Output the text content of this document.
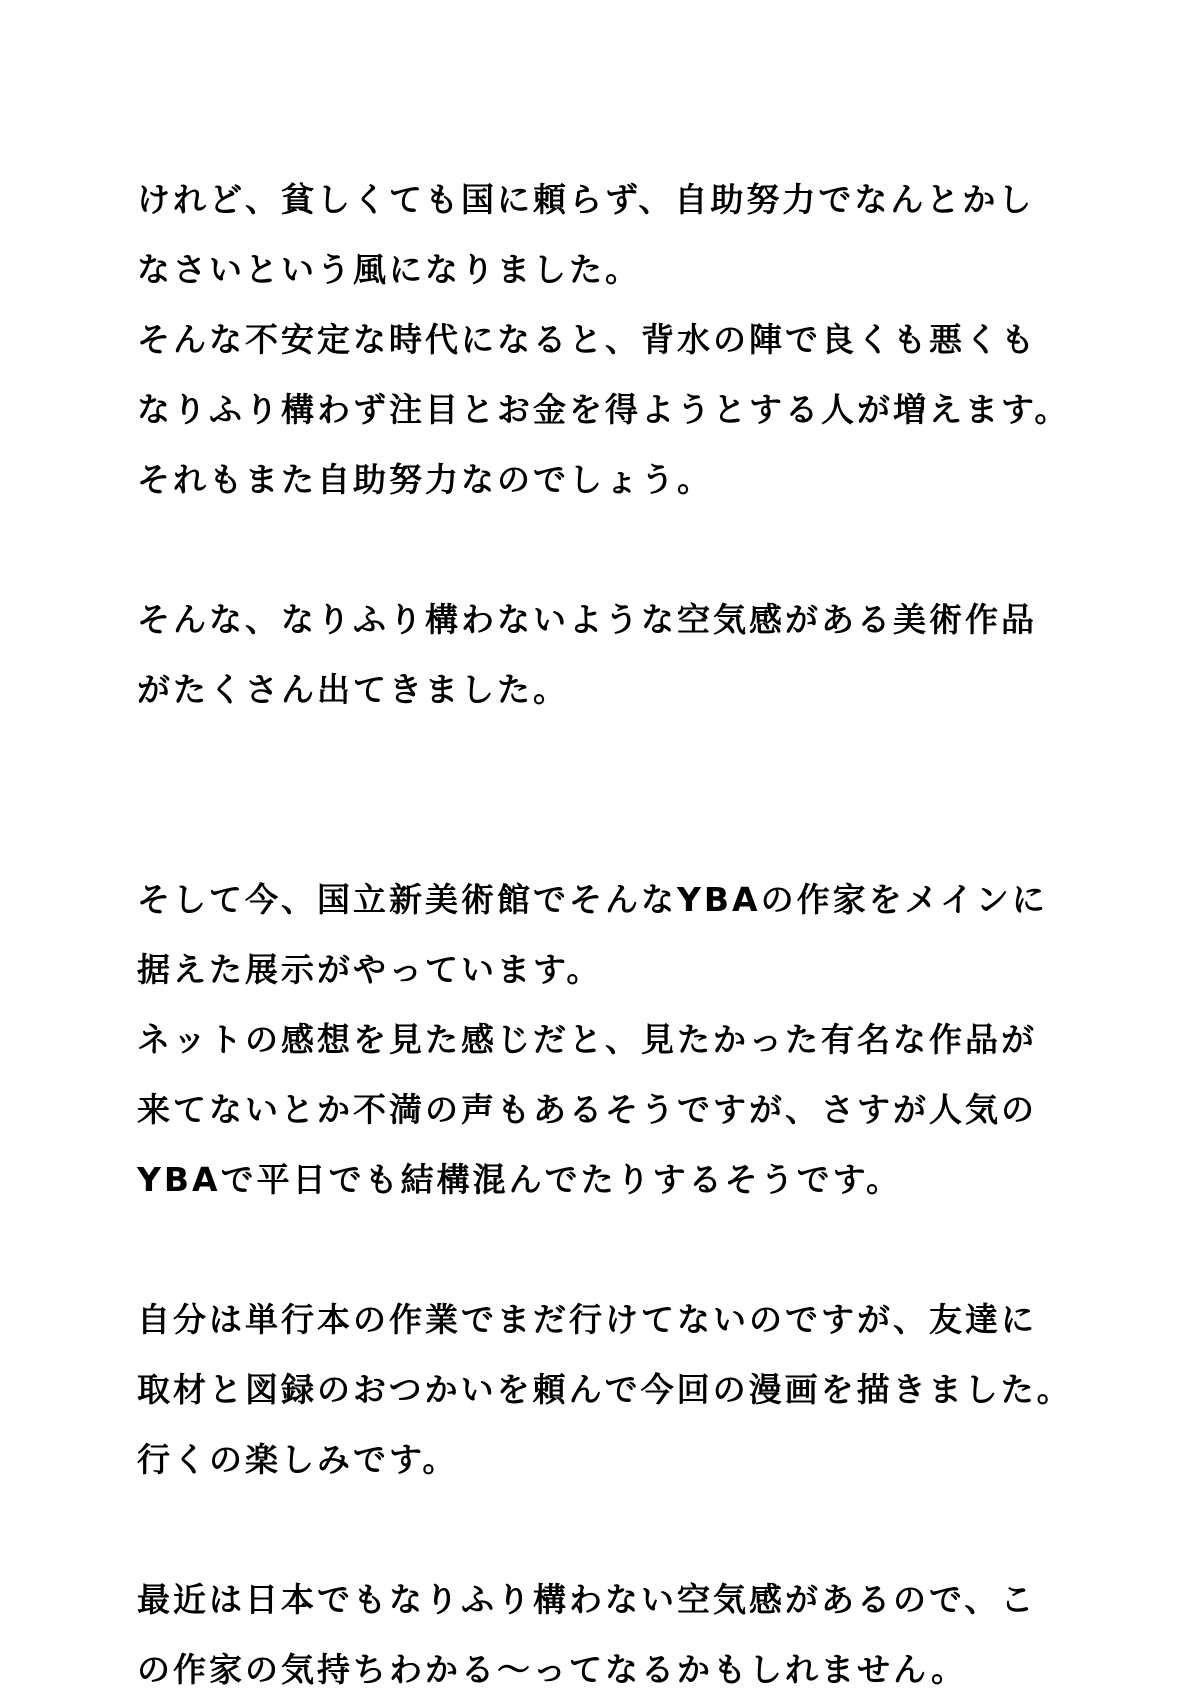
けれど、貧しくても国に頼らず、自助努力でなんとかし
なさいという風になりました。
そんな不安定な時代になると、背水の陣で良くも悪くも
なりふり構わず注目とお金を得ようとする人が増えます。
それもまた自助努力なのでしょう。
そんな、なりふり構わないような空気感がある美術作品
がたくさん出てきました。
そして今、国立新美術館でそんなYBAの作家をメインに
据えた展示がやっています。
ネットの感想を見た感じだと、見たかった有名な作品が
来てないとか不満の声もあるそうですが、さすが人気の
YBAで平日でも結構混んでたりするそうです。
自分は単行本の作業でまだ行けてないのですが、友達に
取材と図録のおつかいを頼んで今回の漫画を描きました。
行くの楽しみです。
最近は日本でもなりふり構わない空気感があるので、こ
の作家の気持ちわかる〜ってなるかもしれません。
